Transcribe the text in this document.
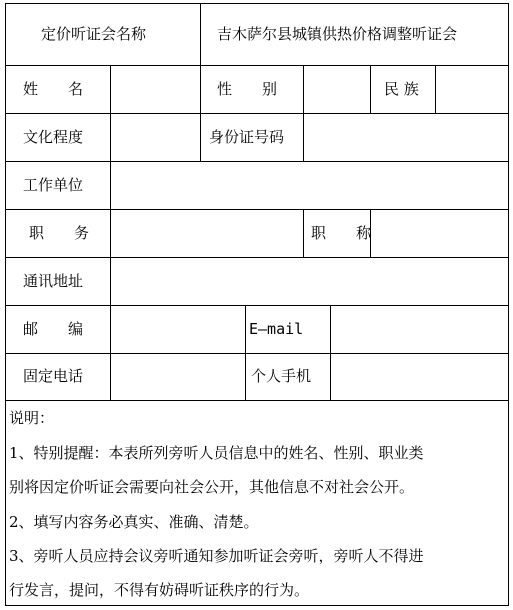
定价听证会名称	吉木萨尔县城镇供热价格调整听证会
姓　　名	性　　别	民 族
文化程度	身份证号码
工作单位
职　　务	职　　称
通讯地址
邮　　编	E—mail
固定电话	个人手机

说明：

1、特别提醒：本表所列旁听人员信息中的姓名、性别、职业类

别将因定价听证会需要向社会公开，其他信息不对社会公开。

2、填写内容务必真实、准确、清楚。

3、旁听人员应持会议旁听通知参加听证会旁听，旁听人不得进

行发言，提问，不得有妨碍听证秩序的行为。
